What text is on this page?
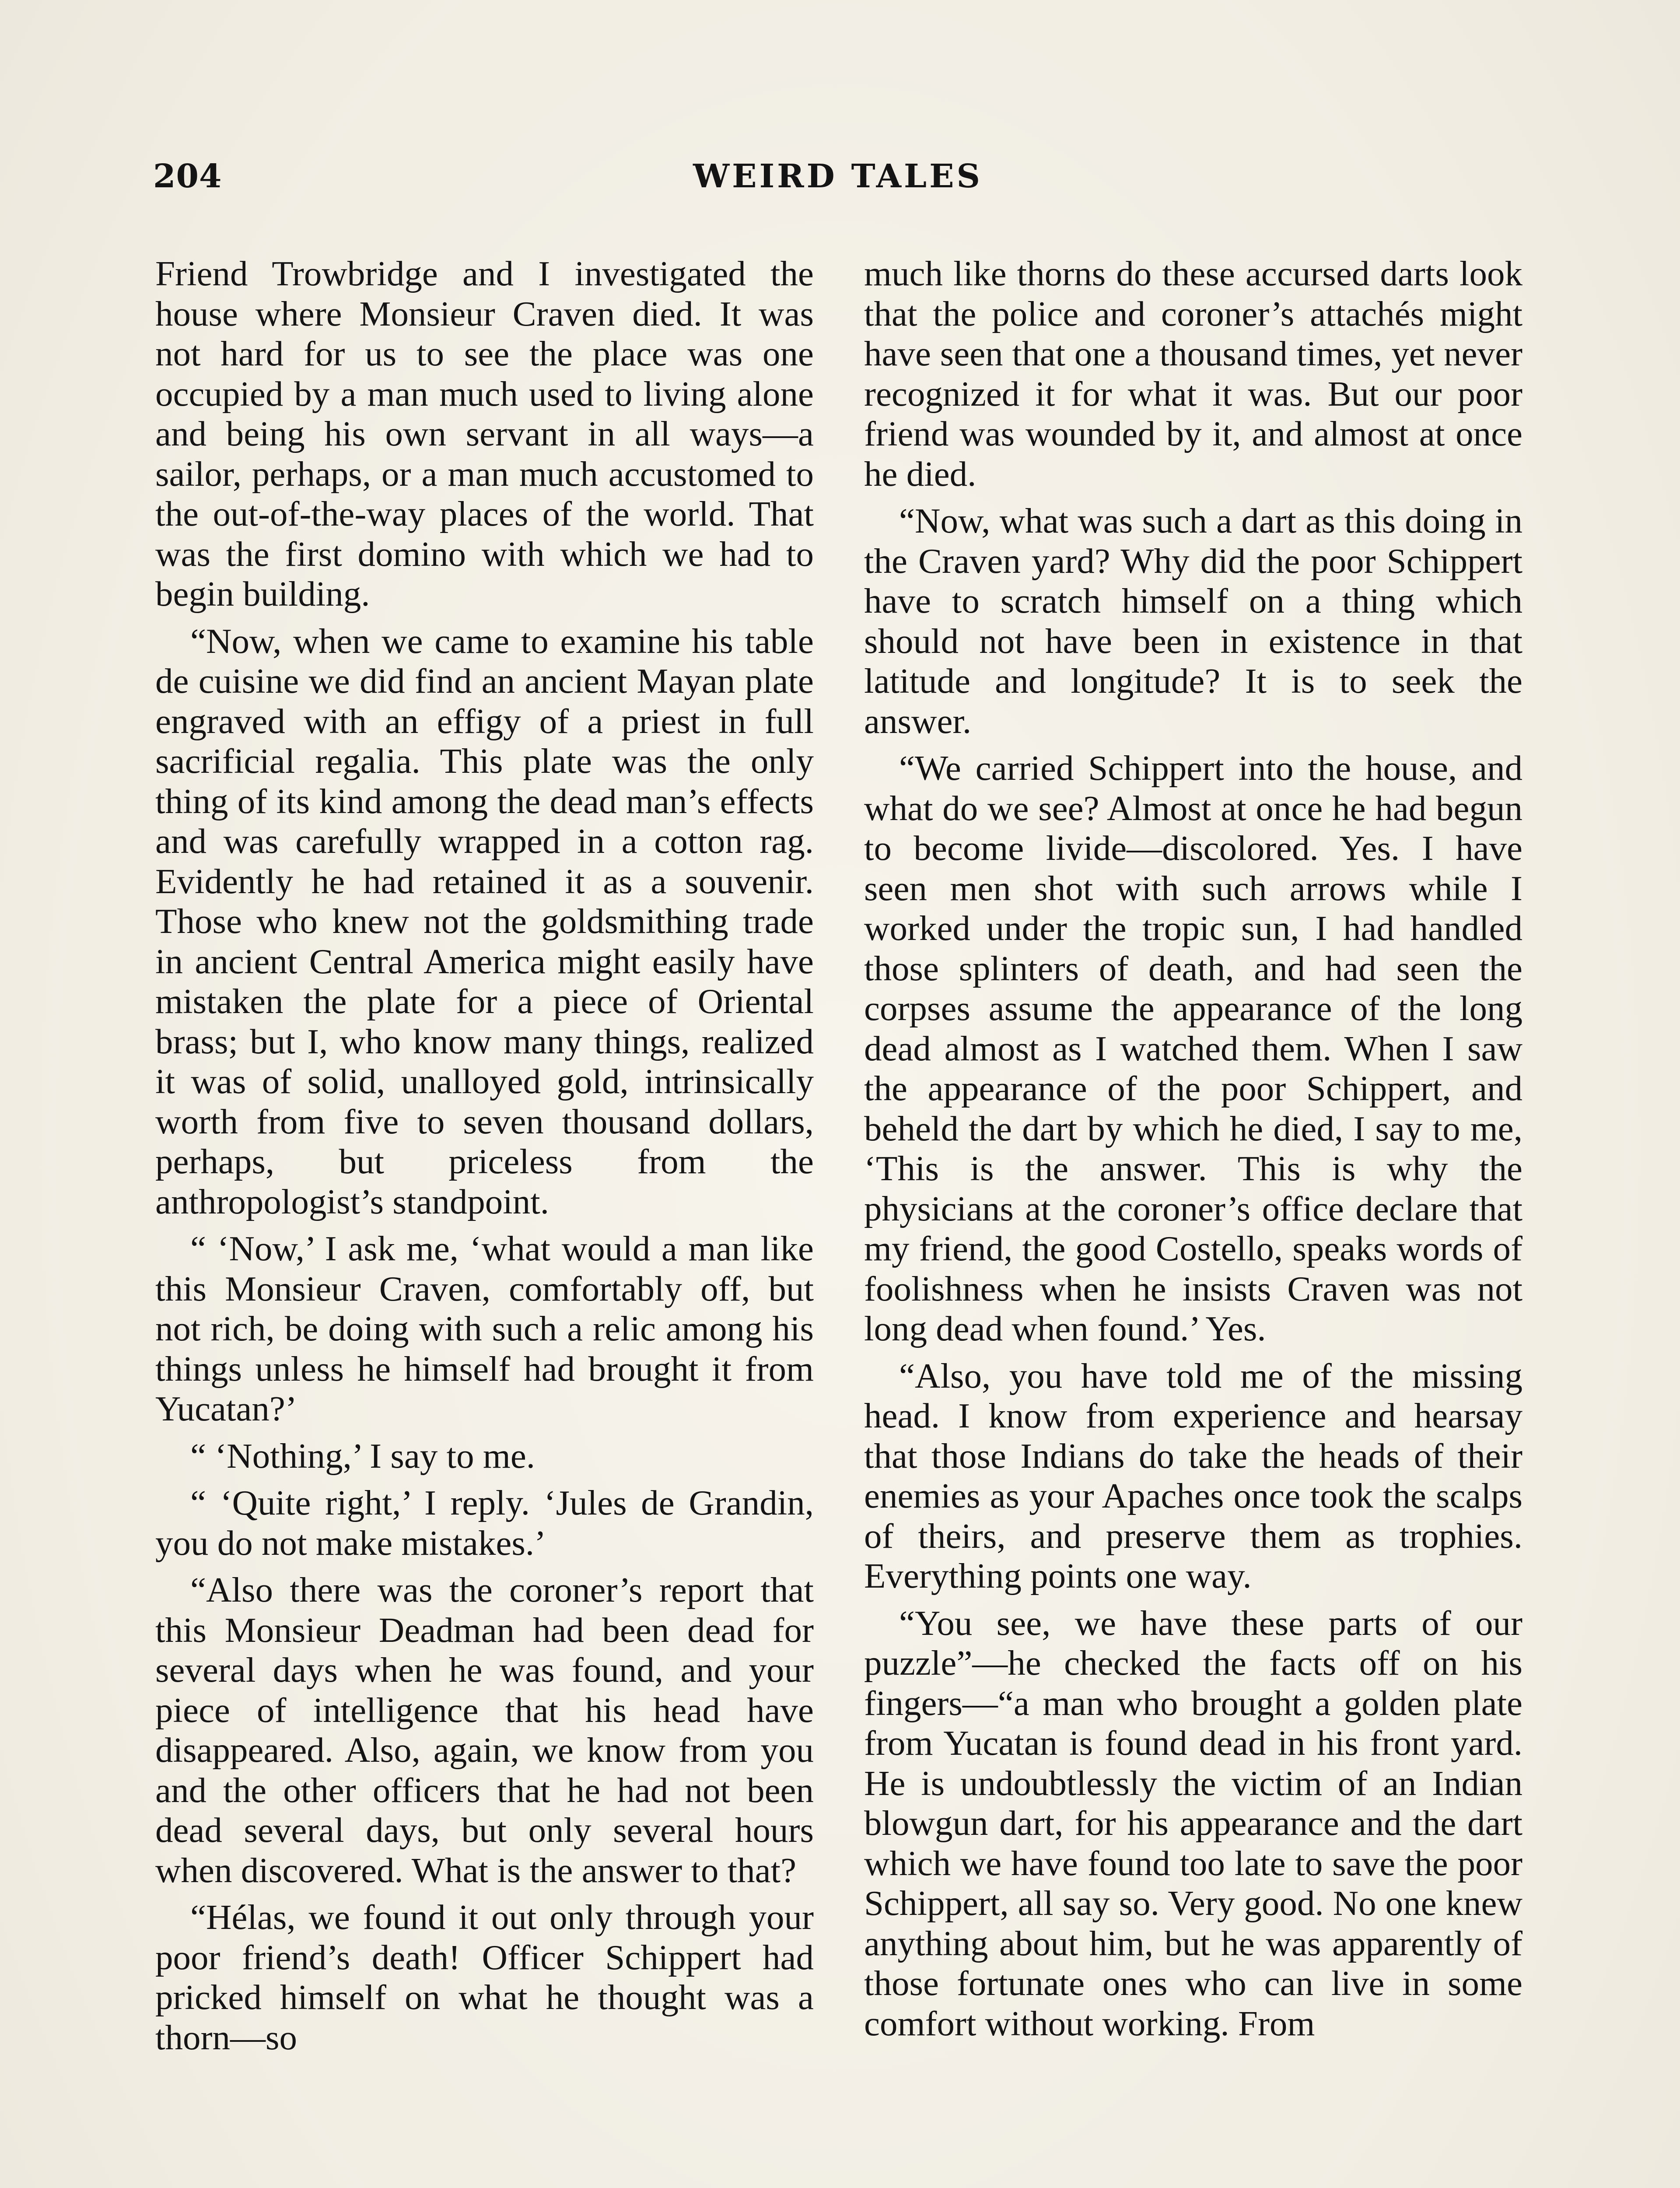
204	WEIRD TALES

Friend Trowbridge and I investigated the house where Monsieur Craven died. It was not hard for us to see the place was one occupied by a man much used to living alone and being his own servant in all ways—a sailor, perhaps, or a man much accustomed to the out-of-the-way places of the world. That was the first domino with which we had to begin building.

“Now, when we came to examine his table de cuisine we did find an ancient Mayan plate engraved with an effigy of a priest in full sacrificial regalia. This plate was the only thing of its kind among the dead man’s effects and was carefully wrapped in a cotton rag. Evidently he had retained it as a souvenir. Those who knew not the goldsmithing trade in ancient Central America might easily have mistaken the plate for a piece of Oriental brass; but I, who know many things, realized it was of solid, unalloyed gold, intrinsically worth from five to seven thousand dollars, perhaps, but priceless from the anthropologist’s standpoint.

“ ‘Now,’ I ask me, ‘what would a man like this Monsieur Craven, comfortably off, but not rich, be doing with such a relic among his things unless he himself had brought it from Yucatan?’

“ ‘Nothing,’ I say to me.

“ ‘Quite right,’ I reply. ‘Jules de Grandin, you do not make mistakes.’

“Also there was the coroner’s report that this Monsieur Deadman had been dead for several days when he was found, and your piece of intelligence that his head have disappeared. Also, again, we know from you and the other officers that he had not been dead several days, but only several hours when discovered. What is the answer to that?

“Hélas, we found it out only through your poor friend’s death! Officer Schippert had pricked himself on what he thought was a thorn—so

much like thorns do these accursed darts look that the police and coroner’s attachés might have seen that one a thousand times, yet never recognized it for what it was. But our poor friend was wounded by it, and almost at once he died.

“Now, what was such a dart as this doing in the Craven yard? Why did the poor Schippert have to scratch himself on a thing which should not have been in existence in that latitude and longitude? It is to seek the answer.

“We carried Schippert into the house, and what do we see? Almost at once he had begun to become livide—discolored. Yes. I have seen men shot with such arrows while I worked under the tropic sun, I had handled those splinters of death, and had seen the corpses assume the appearance of the long dead almost as I watched them. When I saw the appearance of the poor Schippert, and beheld the dart by which he died, I say to me, ‘This is the answer. This is why the physicians at the coroner’s office declare that my friend, the good Costello, speaks words of foolishness when he insists Craven was not long dead when found.’ Yes.

“Also, you have told me of the missing head. I know from experience and hearsay that those Indians do take the heads of their enemies as your Apaches once took the scalps of theirs, and preserve them as trophies. Everything points one way.

“You see, we have these parts of our puzzle”—he checked the facts off on his fingers—“a man who brought a golden plate from Yucatan is found dead in his front yard. He is undoubtlessly the victim of an Indian blowgun dart, for his appearance and the dart which we have found too late to save the poor Schippert, all say so. Very good. No one knew anything about him, but he was apparently of those fortunate ones who can live in some comfort without working. From
